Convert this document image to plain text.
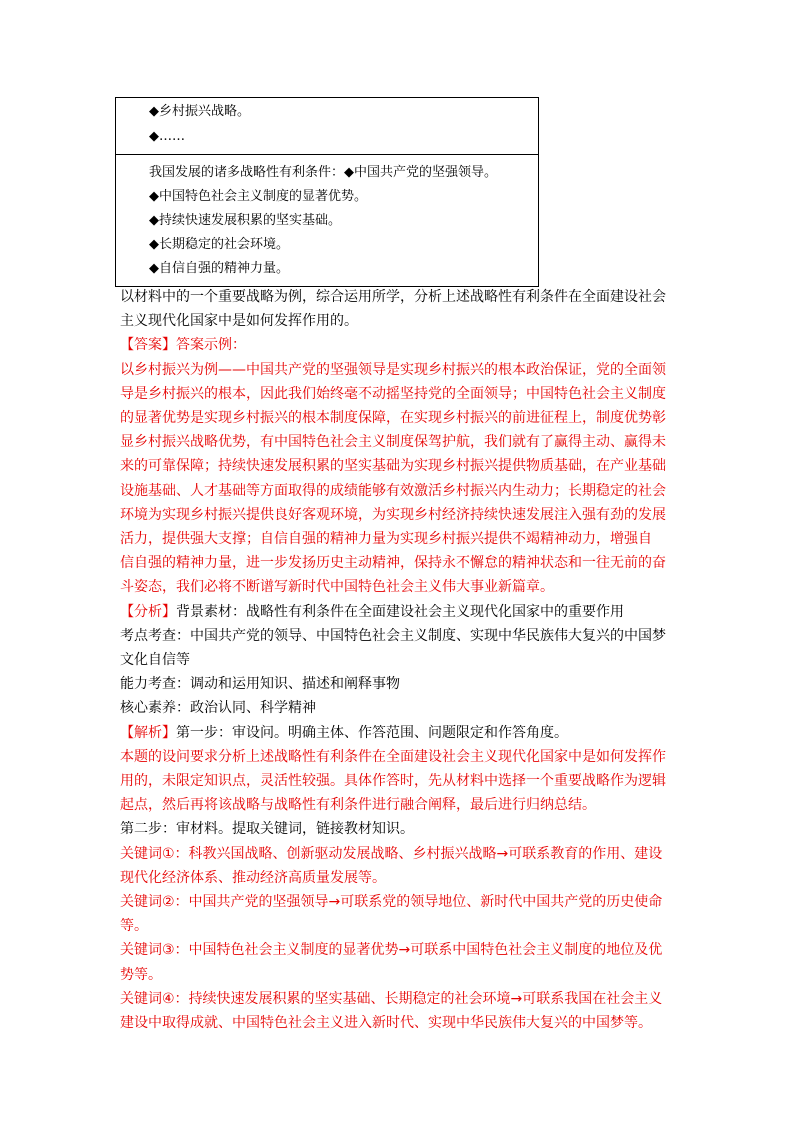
◆乡村振兴战略。
◆……
我国发展的诸多战略性有利条件：◆中国共产党的坚强领导。
◆中国特色社会主义制度的显著优势。
◆持续快速发展积累的坚实基础。
◆长期稳定的社会环境。
◆自信自强的精神力量。

以材料中的一个重要战略为例，综合运用所学，分析上述战略性有利条件在全面建设社会

主义现代化国家中是如何发挥作用的。

【答案】答案示例：

以乡村振兴为例——中国共产党的坚强领导是实现乡村振兴的根本政治保证，党的全面领

导是乡村振兴的根本，因此我们始终毫不动摇坚持党的全面领导；中国特色社会主义制度

的显著优势是实现乡村振兴的根本制度保障，在实现乡村振兴的前进征程上，制度优势彰

显乡村振兴战略优势，有中国特色社会主义制度保驾护航，我们就有了赢得主动、赢得未

来的可靠保障；持续快速发展积累的坚实基础为实现乡村振兴提供物质基础，在产业基础

设施基础、人才基础等方面取得的成绩能够有效激活乡村振兴内生动力；长期稳定的社会

环境为实现乡村振兴提供良好客观环境，为实现乡村经济持续快速发展注入强有劲的发展

活力，提供强大支撑；自信自强的精神力量为实现乡村振兴提供不竭精神动力，增强自

信自强的精神力量，进一步发扬历史主动精神，保持永不懈怠的精神状态和一往无前的奋

斗姿态，我们必将不断谱写新时代中国特色社会主义伟大事业新篇章。

【分析】背景素材：战略性有利条件在全面建设社会主义现代化国家中的重要作用

考点考查：中国共产党的领导、中国特色社会主义制度、实现中华民族伟大复兴的中国梦

文化自信等

能力考查：调动和运用知识、描述和阐释事物

核心素养：政治认同、科学精神

【解析】第一步：审设问。明确主体、作答范围、问题限定和作答角度。

本题的设问要求分析上述战略性有利条件在全面建设社会主义现代化国家中是如何发挥作

用的，未限定知识点，灵活性较强。具体作答时，先从材料中选择一个重要战略作为逻辑

起点，然后再将该战略与战略性有利条件进行融合阐释，最后进行归纳总结。

第二步：审材料。提取关键词，链接教材知识。

关键词①：科教兴国战略、创新驱动发展战略、乡村振兴战略→可联系教育的作用、建设

现代化经济体系、推动经济高质量发展等。

关键词②：中国共产党的坚强领导→可联系党的领导地位、新时代中国共产党的历史使命

等。

关键词③：中国特色社会主义制度的显著优势→可联系中国特色社会主义制度的地位及优

势等。

关键词④：持续快速发展积累的坚实基础、长期稳定的社会环境→可联系我国在社会主义

建设中取得成就、中国特色社会主义进入新时代、实现中华民族伟大复兴的中国梦等。
